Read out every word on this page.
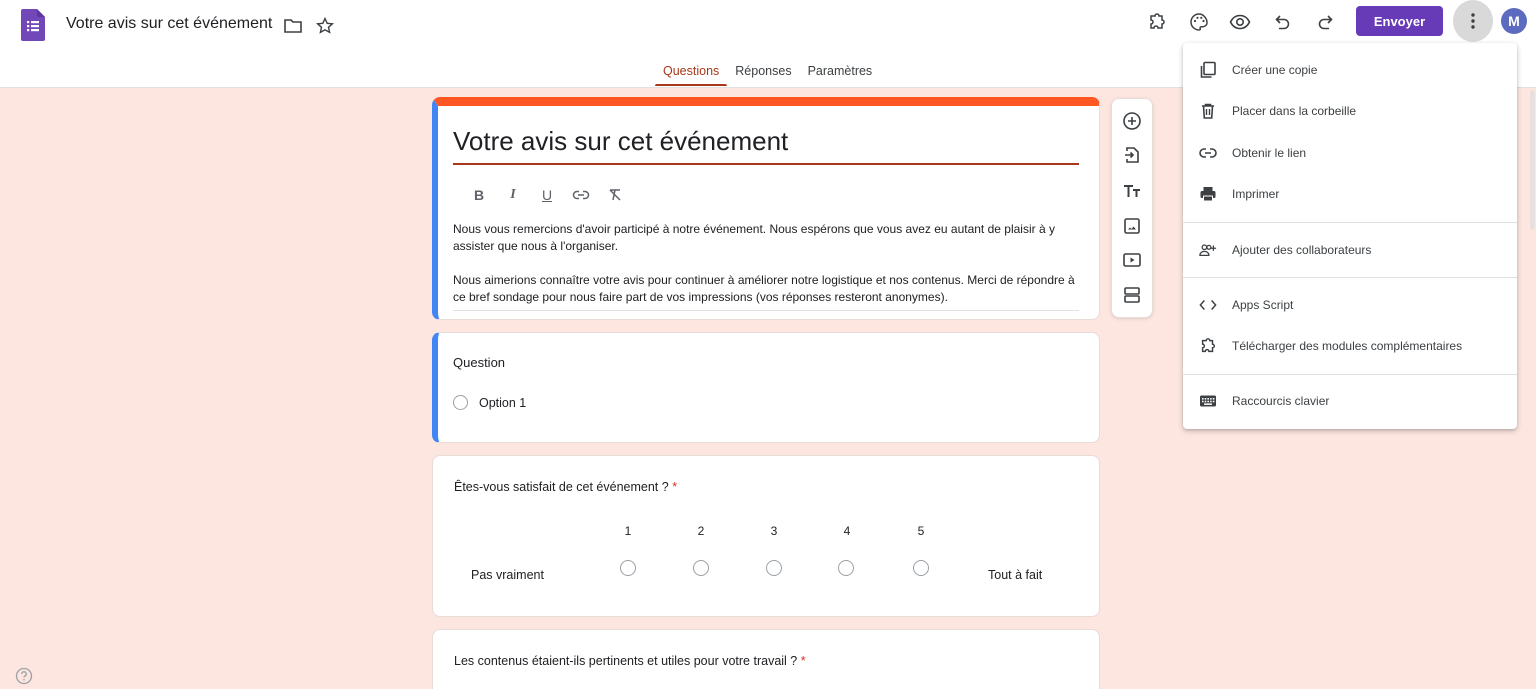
Votre avis sur cet événement	Envoyer	M
Questions	Réponses	Paramètres
Votre avis sur cet événement
B	I	U

Nous vous remercions d'avoir participé à notre événement. Nous espérons que vous avez eu autant de plaisir à y assister que nous à l'organiser.

Nous aimerions connaître votre avis pour continuer à améliorer notre logistique et nos contenus. Merci de répondre à ce bref sondage pour nous faire part de vos impressions (vos réponses resteront anonymes).

Question
Option 1
Êtes-vous satisfait de cet événement ? *
1	2	3	4	5
Pas vraiment	Tout à fait
Les contenus étaient-ils pertinents et utiles pour votre travail ? *
Créer une copie
Placer dans la corbeille
Obtenir le lien
Imprimer
Ajouter des collaborateurs
Apps Script
Télécharger des modules complémentaires
Raccourcis clavier
